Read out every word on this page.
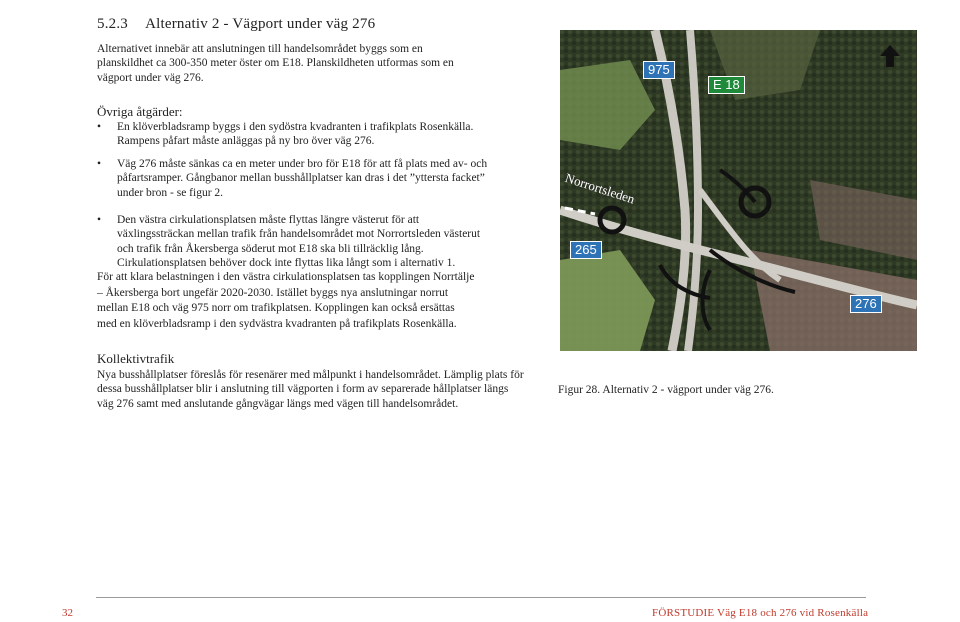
5.2.3 Alternativ 2 - Vägport under väg 276
Alternativet innebär att anslutningen till handelsområdet byggs som en planskildhet ca 300-350 meter öster om E18. Planskildheten utformas som en vägport under väg 276.
Övriga åtgärder:
• En klöverbladsramp byggs i den sydöstra kvadranten i trafikplats Rosenkälla. Rampens påfart måste anläggas på ny bro över väg 276.
• Väg 276 måste sänkas ca en meter under bro för E18 för att få plats med av- och påfartsramper. Gångbanor mellan busshållplatser kan dras i det ”yttersta facket” under bron - se figur 2.
• Den västra cirkulationsplatsen måste flyttas längre västerut för att växlingssträckan mellan trafik från handelsområdet mot Norrortsleden västerut och trafik från Åkersberga söderut mot E18 ska bli tillräcklig lång. Cirkulationsplatsen behöver dock inte flyttas lika långt som i alternativ 1.
För att klara belastningen i den västra cirkulationsplatsen tas kopplingen Norrtälje – Åkersberga bort ungefär 2020-2030. Istället byggs nya anslutningar norrut mellan E18 och väg 975 norr om trafikplatsen. Kopplingen kan också ersättas med en klöverbladsramp i den sydvästra kvadranten på trafikplats Rosenkälla.
Kollektivtrafik
Nya busshållplatser föreslås för resenärer med målpunkt i handelsområdet. Lämplig plats för dessa busshållplatser blir i anslutning till vägporten i form av separerade hållplatser längs väg 276 samt med anslutande gångvägar längs med vägen till handelsområdet.
975
E 18
265
276
Norrortsleden
Figur 28. Alternativ 2 - vägport under väg 276.
32	FÖRSTUDIE Väg E18 och 276 vid Rosenkälla
